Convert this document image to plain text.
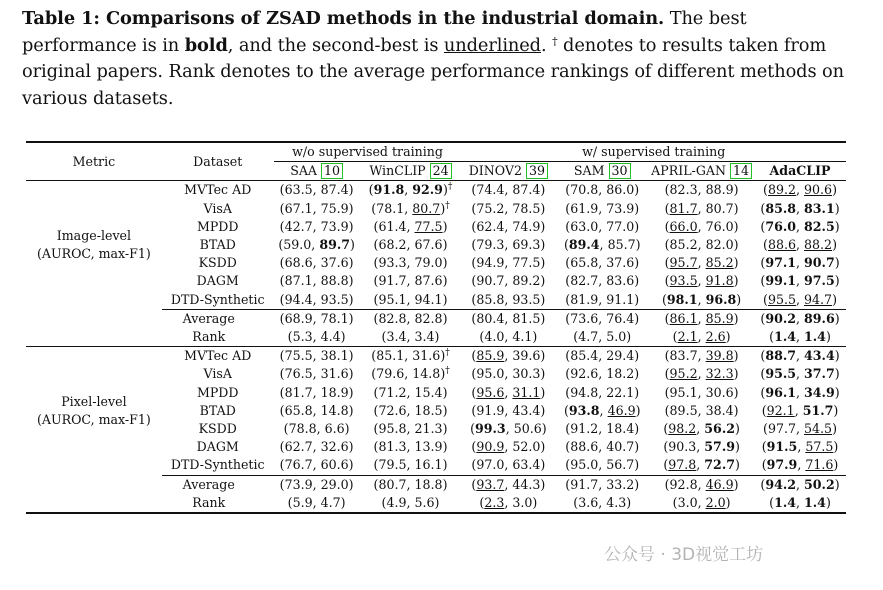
Table 1: Comparisons of ZSAD methods in the industrial domain. The best performance is in bold, and the second-best is underlined. † denotes to results taken from original papers. Rank denotes to the average performance rankings of different methods on various datasets.
Metric	Dataset	w/o supervised training		w/ supervised training			
		SAA 10	WinCLIP 24	DINOV2 39	SAM 30	APRIL-GAN 14	AdaCLIP

Image-level
(AUROC, max-F1)	MVTec AD	(63.5, 87.4)	(91.8, 92.9)†	(74.4, 87.4)	(70.8, 86.0)	(82.3, 88.9)	(89.2, 90.6)
	VisA	(67.1, 75.9)	(78.1, 80.7)†	(75.2, 78.5)	(61.9, 73.9)	(81.7, 80.7)	(85.8, 83.1)
	MPDD	(42.7, 73.9)	(61.4, 77.5)	(62.4, 74.9)	(63.0, 77.0)	(66.0, 76.0)	(76.0, 82.5)
	BTAD	(59.0, 89.7)	(68.2, 67.6)	(79.3, 69.3)	(89.4, 85.7)	(85.2, 82.0)	(88.6, 88.2)
	KSDD	(68.6, 37.6)	(93.3, 79.0)	(94.9, 77.5)	(65.8, 37.6)	(95.7, 85.2)	(97.1, 90.7)
	DAGM	(87.1, 88.8)	(91.7, 87.6)	(90.7, 89.2)	(82.7, 83.6)	(93.5, 91.8)	(99.1, 97.5)
	DTD-Synthetic	(94.4, 93.5)	(95.1, 94.1)	(85.8, 93.5)	(81.9, 91.1)	(98.1, 96.8)	(95.5, 94.7)
	Average	(68.9, 78.1)	(82.8, 82.8)	(80.4, 81.5)	(73.6, 76.4)	(86.1, 85.9)	(90.2, 89.6)
	Rank	(5.3, 4.4)	(3.4, 3.4)	(4.0, 4.1)	(4.7, 5.0)	(2.1, 2.6)	(1.4, 1.4)

Pixel-level
(AUROC, max-F1)	MVTec AD	(75.5, 38.1)	(85.1, 31.6)†	(85.9, 39.6)	(85.4, 29.4)	(83.7, 39.8)	(88.7, 43.4)
	VisA	(76.5, 31.6)	(79.6, 14.8)†	(95.0, 30.3)	(92.6, 18.2)	(95.2, 32.3)	(95.5, 37.7)
	MPDD	(81.7, 18.9)	(71.2, 15.4)	(95.6, 31.1)	(94.8, 22.1)	(95.1, 30.6)	(96.1, 34.9)
	BTAD	(65.8, 14.8)	(72.6, 18.5)	(91.9, 43.4)	(93.8, 46.9)	(89.5, 38.4)	(92.1, 51.7)
	KSDD	(78.8, 6.6)	(95.8, 21.3)	(99.3, 50.6)	(91.2, 18.4)	(98.2, 56.2)	(97.7, 54.5)
	DAGM	(62.7, 32.6)	(81.3, 13.9)	(90.9, 52.0)	(88.6, 40.7)	(90.3, 57.9)	(91.5, 57.5)
	DTD-Synthetic	(76.7, 60.6)	(79.5, 16.1)	(97.0, 63.4)	(95.0, 56.7)	(97.8, 72.7)	(97.9, 71.6)
	Average	(73.9, 29.0)	(80.7, 18.8)	(93.7, 44.3)	(91.7, 33.2)	(92.8, 46.9)	(94.2, 50.2)
	Rank	(5.9, 4.7)	(4.9, 5.6)	(2.3, 3.0)	(3.6, 4.3)	(3.0, 2.0)	(1.4, 1.4)
公众号 · 3D视觉工坊
